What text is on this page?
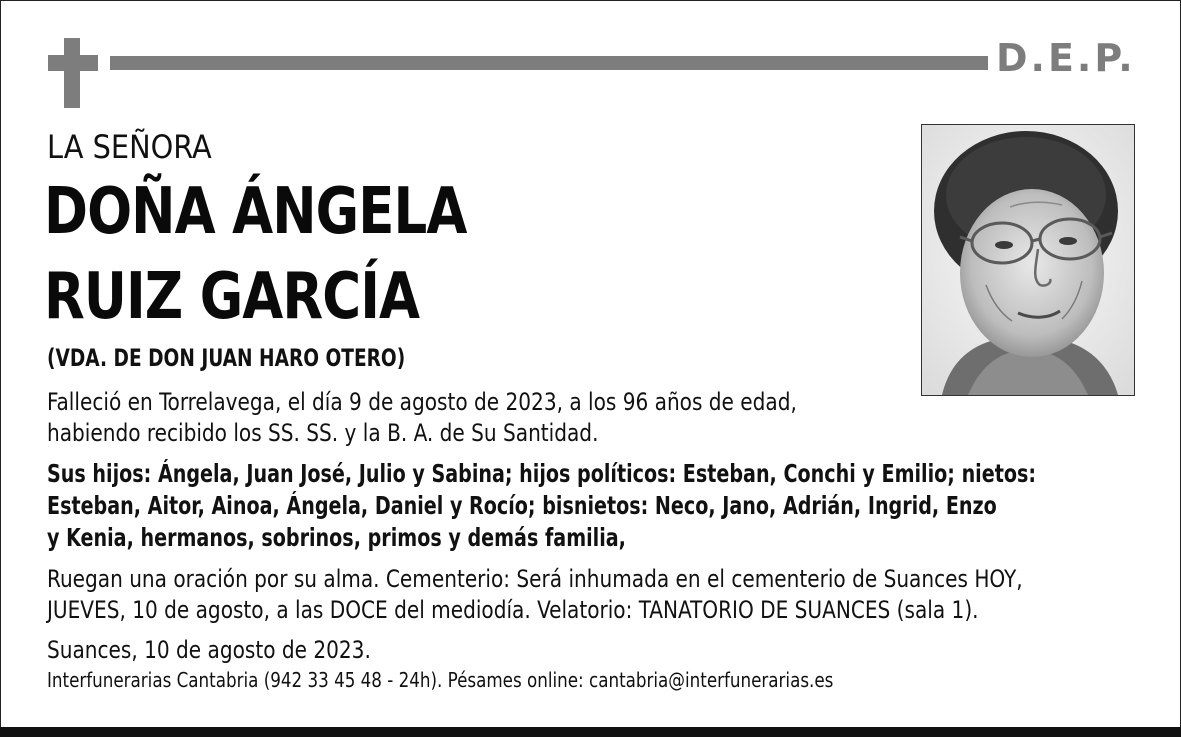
D.E.P.
LA SEÑORA
DOÑA ÁNGELA
RUIZ GARCÍA
(VDA. DE DON JUAN HARO OTERO)
Falleció en Torrelavega, el día 9 de agosto de 2023, a los 96 años de edad,
habiendo recibido los SS. SS. y la B. A. de Su Santidad.
Sus hijos: Ángela, Juan José, Julio y Sabina; hijos políticos: Esteban, Conchi y Emilio; nietos:
Esteban, Aitor, Ainoa, Ángela, Daniel y Rocío; bisnietos: Neco, Jano, Adrián, Ingrid, Enzo
y Kenia, hermanos, sobrinos, primos y demás familia,
Ruegan una oración por su alma. Cementerio: Será inhumada en el cementerio de Suances HOY,
JUEVES, 10 de agosto, a las DOCE del mediodía. Velatorio: TANATORIO DE SUANCES (sala 1).
Suances, 10 de agosto de 2023.
Interfunerarias Cantabria (942 33 45 48 - 24h). Pésames online: cantabria@interfunerarias.es
